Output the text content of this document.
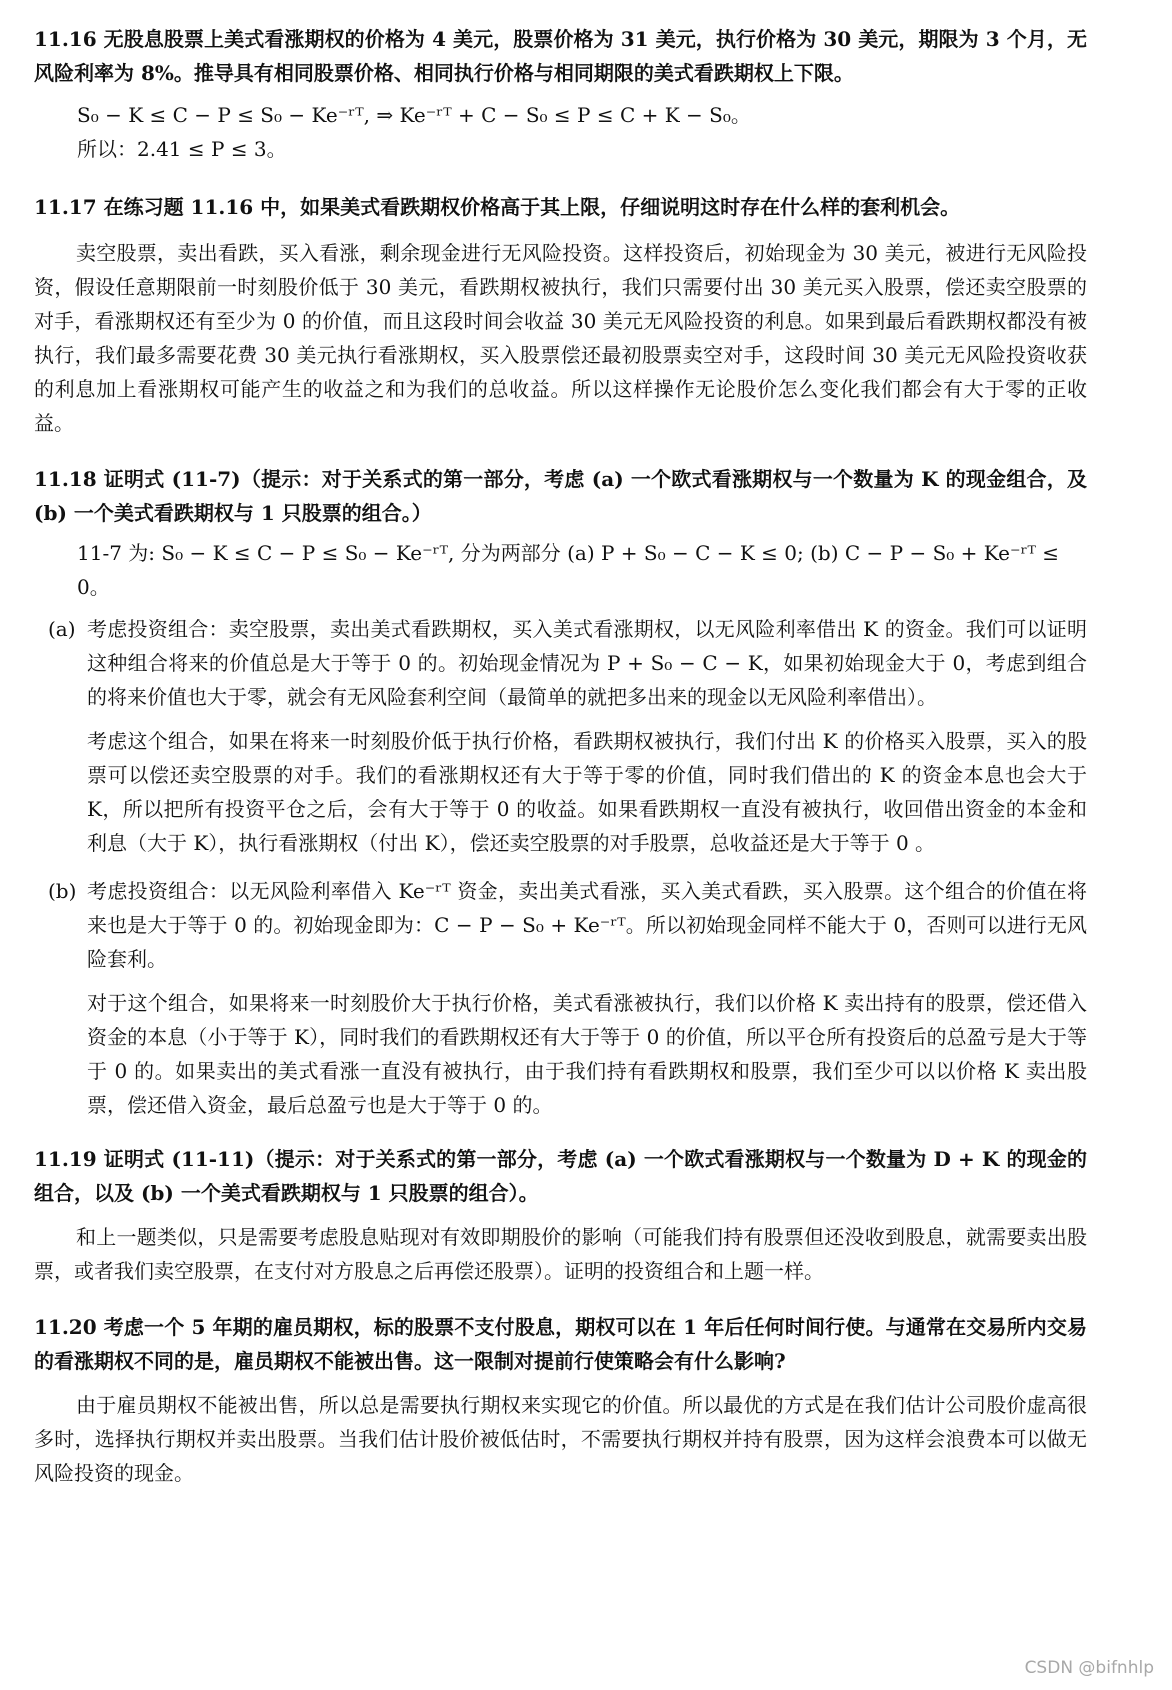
11.16 无股息股票上美式看涨期权的价格为 4 美元，股票价格为 31 美元，执行价格为 30 美元，期限为 3 个月，无风险利率为 8%。推导具有相同股票价格、相同执行价格与相同期限的美式看跌期权上下限。

S₀ − K ≤ C − P ≤ S₀ − Ke⁻ʳᵀ, ⇒ Ke⁻ʳᵀ + C − S₀ ≤ P ≤ C + K − S₀。

所以：2.41 ≤ P ≤ 3。

11.17 在练习题 11.16 中，如果美式看跌期权价格高于其上限，仔细说明这时存在什么样的套利机会。

卖空股票，卖出看跌，买入看涨，剩余现金进行无风险投资。这样投资后，初始现金为 30 美元，被进行无风险投资，假设任意期限前一时刻股价低于 30 美元，看跌期权被执行，我们只需要付出 30 美元买入股票，偿还卖空股票的对手，看涨期权还有至少为 0 的价值，而且这段时间会收益 30 美元无风险投资的利息。如果到最后看跌期权都没有被执行，我们最多需要花费 30 美元执行看涨期权，买入股票偿还最初股票卖空对手，这段时间 30 美元无风险投资收获的利息加上看涨期权可能产生的收益之和为我们的总收益。所以这样操作无论股价怎么变化我们都会有大于零的正收益。

11.18 证明式 (11-7)（提示：对于关系式的第一部分，考虑 (a) 一个欧式看涨期权与一个数量为 K 的现金组合，及 (b) 一个美式看跌期权与 1 只股票的组合。）

11-7 为: S₀ − K ≤ C − P ≤ S₀ − Ke⁻ʳᵀ, 分为两部分 (a) P + S₀ − C − K ≤ 0; (b) C − P − S₀ + Ke⁻ʳᵀ ≤ 0。

(a) 考虑投资组合：卖空股票，卖出美式看跌期权，买入美式看涨期权，以无风险利率借出 K 的资金。我们可以证明这种组合将来的价值总是大于等于 0 的。初始现金情况为 P + S₀ − C − K，如果初始现金大于 0，考虑到组合的将来价值也大于零，就会有无风险套利空间（最简单的就把多出来的现金以无风险利率借出）。

考虑这个组合，如果在将来一时刻股价低于执行价格，看跌期权被执行，我们付出 K 的价格买入股票，买入的股票可以偿还卖空股票的对手。我们的看涨期权还有大于等于零的价值，同时我们借出的 K 的资金本息也会大于 K，所以把所有投资平仓之后，会有大于等于 0 的收益。如果看跌期权一直没有被执行，收回借出资金的本金和利息（大于 K），执行看涨期权（付出 K），偿还卖空股票的对手股票，总收益还是大于等于 0 。

(b) 考虑投资组合：以无风险利率借入 Ke⁻ʳᵀ 资金，卖出美式看涨，买入美式看跌，买入股票。这个组合的价值在将来也是大于等于 0 的。初始现金即为：C − P − S₀ + Ke⁻ʳᵀ。所以初始现金同样不能大于 0，否则可以进行无风险套利。

对于这个组合，如果将来一时刻股价大于执行价格，美式看涨被执行，我们以价格 K 卖出持有的股票，偿还借入资金的本息（小于等于 K），同时我们的看跌期权还有大于等于 0 的价值，所以平仓所有投资后的总盈亏是大于等于 0 的。如果卖出的美式看涨一直没有被执行，由于我们持有看跌期权和股票，我们至少可以以价格 K 卖出股票，偿还借入资金，最后总盈亏也是大于等于 0 的。

11.19 证明式 (11-11)（提示：对于关系式的第一部分，考虑 (a) 一个欧式看涨期权与一个数量为 D + K 的现金的组合，以及 (b) 一个美式看跌期权与 1 只股票的组合）。

和上一题类似，只是需要考虑股息贴现对有效即期股价的影响（可能我们持有股票但还没收到股息，就需要卖出股票，或者我们卖空股票，在支付对方股息之后再偿还股票）。证明的投资组合和上题一样。

11.20 考虑一个 5 年期的雇员期权，标的股票不支付股息，期权可以在 1 年后任何时间行使。与通常在交易所内交易的看涨期权不同的是，雇员期权不能被出售。这一限制对提前行使策略会有什么影响?

由于雇员期权不能被出售，所以总是需要执行期权来实现它的价值。所以最优的方式是在我们估计公司股价虚高很多时，选择执行期权并卖出股票。当我们估计股价被低估时，不需要执行期权并持有股票，因为这样会浪费本可以做无风险投资的现金。

CSDN @bifnhlp
